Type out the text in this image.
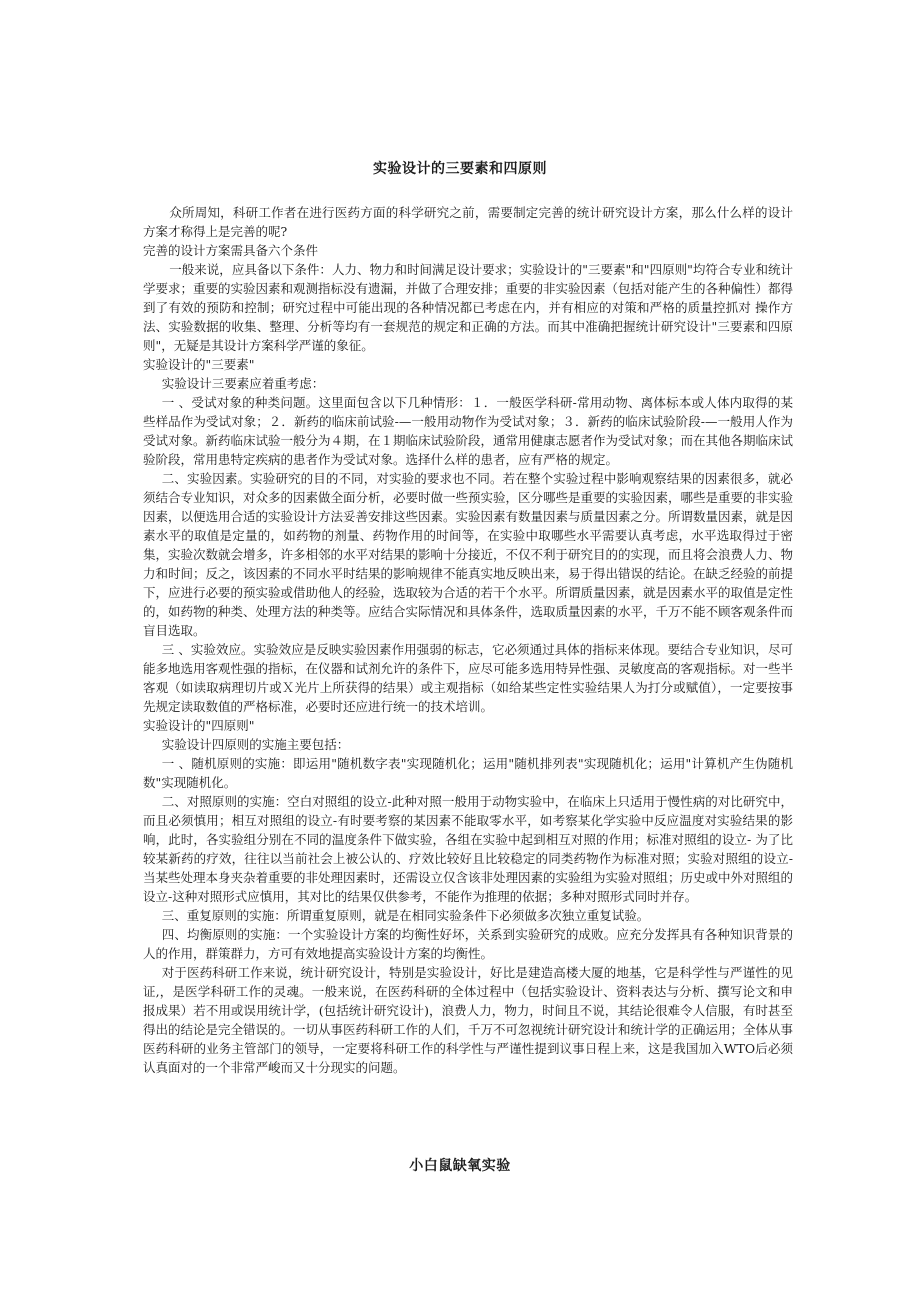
实验设计的三要素和四原则

众所周知，科研工作者在进行医药方面的科学研究之前，需要制定完善的统计研究设计方案，那么什么样的设计方案才称得上是完善的呢?

完善的设计方案需具备六个条件

一般来说，应具备以下条件：人力、物力和时间满足设计要求；实验设计的"三要素"和"四原则"均符合专业和统计学要求；重要的实验因素和观测指标没有遗漏，并做了合理安排；重要的非实验因素（包括对能产生的各种偏性）都得到了有效的预防和控制；研究过程中可能出现的各种情况都已考虑在内，并有相应的对策和严格的质量控抓对 操作方法、实验数据的收集、整理、分析等均有一套规范的规定和正确的方法。而其中准确把握统计研究设计"三要素和四原则"，无疑是其设计方案科学严谨的象征。

实验设计的"三要素"

实验设计三要素应着重考虑：

一 、受试对象的种类问题。这里面包含以下几种情形：１．一般医学科研-常用动物、离体标本或人体内取得的某些样品作为受试对象；２．新药的临床前试验-—一般用动物作为受试对象；３．新药的临床试验阶段-—一般用人作为受试对象。新药临床试验一般分为４期，在１期临床试验阶段，通常用健康志愿者作为受试对象；而在其他各期临床试验阶段，常用患特定疾病的患者作为受试对象。选择什么样的患者，应有严格的规定。

二、实验因素。实验研究的目的不同，对实验的要求也不同。若在整个实验过程中影响观察结果的因素很多，就必须结合专业知识，对众多的因素做全面分析，必要时做一些预实验，区分哪些是重要的实验因素，哪些是重要的非实验因素，以便选用合适的实验设计方法妥善安排这些因素。实验因素有数量因素与质量因素之分。所谓数量因素，就是因素水平的取值是定量的，如药物的剂量、药物作用的时间等，在实验中取哪些水平需要认真考虑，水平选取得过于密集，实验次数就会增多，许多相邻的水平对结果的影响十分接近，不仅不利于研究目的的实现，而且将会浪费人力、物力和时间；反之，该因素的不同水平时结果的影响规律不能真实地反映出来，易于得出错误的结论。在缺乏经验的前提下，应进行必要的预实验或借助他人的经验，选取较为合适的若干个水平。所谓质量因素，就是因素水平的取值是定性的，如药物的种类、处理方法的种类等。应结合实际情况和具体条件，选取质量因素的水平，千万不能不顾客观条件而盲目选取。

三 、实验效应。实验效应是反映实验因素作用强弱的标志，它必须通过具体的指标来体现。要结合专业知识，尽可能多地选用客观性强的指标，在仪器和试剂允许的条件下，应尽可能多选用特异性强、灵敏度高的客观指标。对一些半客观（如读取病理切片或Ｘ光片上所获得的结果）或主观指标（如给某些定性实验结果人为打分或赋值），一定要按事先规定读取数值的严格标准，必要时还应进行统一的技术培训。

实验设计的"四原则"

实验设计四原则的实施主要包括：

一 、随机原则的实施：即运用"随机数字表"实现随机化；运用"随机排列表"实现随机化；运用"计算机产生伪随机数"实现随机化。

二、对照原则的实施：空白对照组的设立-此种对照一般用于动物实验中，在临床上只适用于慢性病的对比研究中，而且必须慎用；相互对照组的设立-有时要考察的某因素不能取零水平，如考察某化学实验中反应温度对实验结果的影响，此时，各实验组分别在不同的温度条件下做实验，各组在实验中起到相互对照的作用；标准对照组的设立- 为了比较某新药的疗效，往往以当前社会上被公认的、疗效比较好且比较稳定的同类药物作为标准对照；实验对照组的设立-当某些处理本身夹杂着重要的非处理因素时，还需设立仅含该非处理因素的实验组为实验对照组；历史或中外对照组的设立-这种对照形式应慎用，其对比的结果仅供参考，不能作为推理的依据；多种对照形式同时并存。

三、重复原则的实施：所谓重复原则，就是在相同实验条件下必须做多次独立重复试验。

四、均衡原则的实施：一个实验设计方案的均衡性好坏，关系到实验研究的成败。应充分发挥具有各种知识背景的人的作用，群策群力，方可有效地提高实验设计方案的均衡性。

对于医药科研工作来说，统计研究设计，特别是实验设计，好比是建造高楼大厦的地基，它是科学性与严谨性的见证,，是医学科研工作的灵魂。一般来说，在医药科研的全体过程中（包括实验设计、资料表达与分析、撰写论文和申报成果）若不用或误用统计学，(包括统计研究设计)，浪费人力，物力，时间且不说，其结论很难令人信服，有时甚至得出的结论是完全错误的。一切从事医药科研工作的人们，千万不可忽视统计研究设计和统计学的正确运用；全体从事医药科研的业务主管部门的领导，一定要将科研工作的科学性与严谨性提到议事日程上来，这是我国加入WTO后必须认真面对的一个非常严峻而又十分现实的问题。

小白鼠缺氧实验
